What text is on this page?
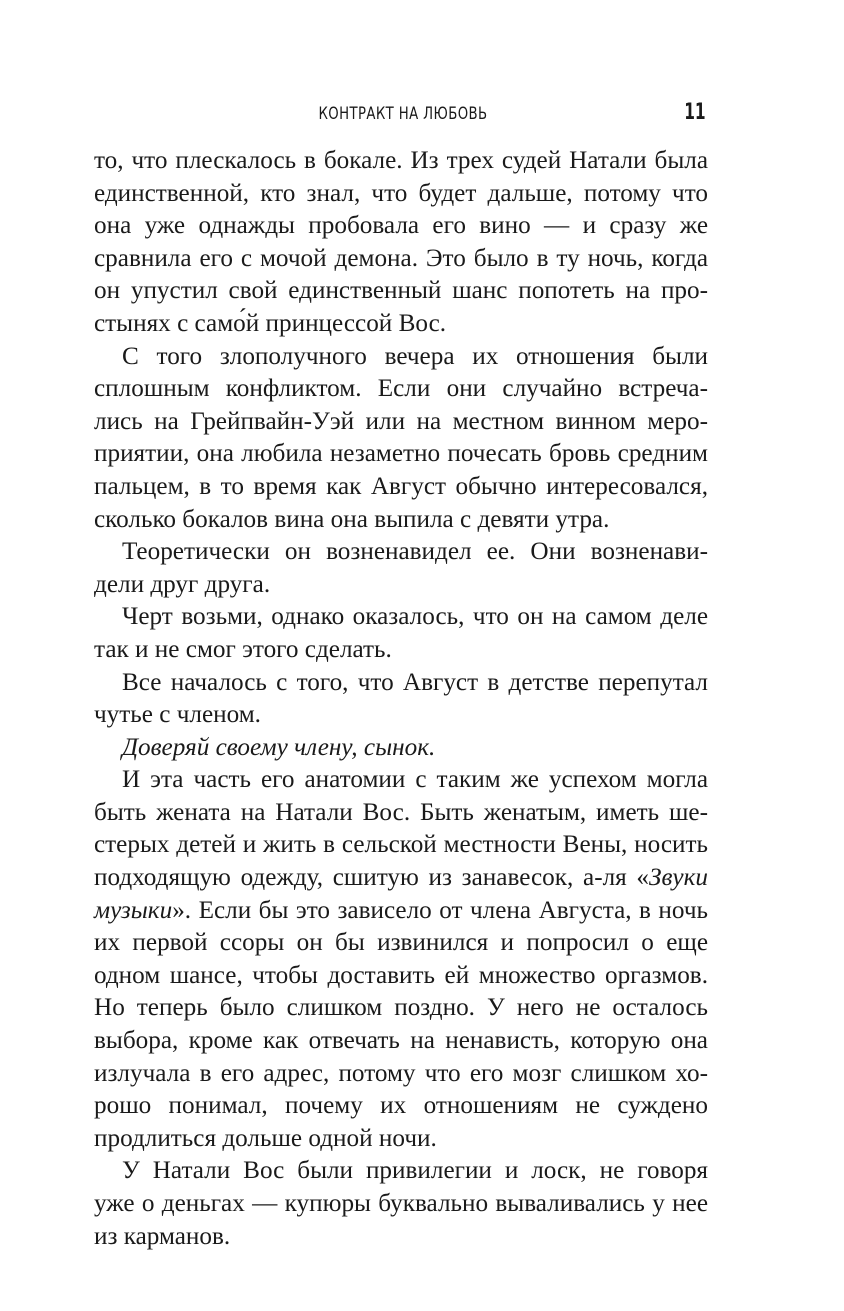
КОНТРАКТ НА ЛЮБОВЬ	11
то, что плескалось в бокале. Из трех судей Натали была
единственной, кто знал, что будет дальше, потому что
она уже однажды пробовала его вино — и сразу же
сравнила его с мочой демона. Это было в ту ночь, когда
он упустил свой единственный шанс попотеть на про-
стынях с само́й принцессой Вос.
С того злополучного вечера их отношения были
сплошным конфликтом. Если они случайно встреча-
лись на Грейпвайн-Уэй или на местном винном меро-
приятии, она любила незаметно почесать бровь средним
пальцем, в то время как Август обычно интересовался,
сколько бокалов вина она выпила с девяти утра.
Теоретически он возненавидел ее. Они возненави-
дели друг друга.
Черт возьми, однако оказалось, что он на самом деле
так и не смог этого сделать.
Все началось с того, что Август в детстве перепутал
чутье с членом.
Доверяй своему члену, сынок.
И эта часть его анатомии с таким же успехом могла
быть жената на Натали Вос. Быть женатым, иметь ше-
стерых детей и жить в сельской местности Вены, носить
подходящую одежду, сшитую из занавесок, а-ля «Звуки
музыки». Если бы это зависело от члена Августа, в ночь
их первой ссоры он бы извинился и попросил о еще
одном шансе, чтобы доставить ей множество оргазмов.
Но теперь было слишком поздно. У него не осталось
выбора, кроме как отвечать на ненависть, которую она
излучала в его адрес, потому что его мозг слишком хо-
рошо понимал, почему их отношениям не суждено
продлиться дольше одной ночи.
У Натали Вос были привилегии и лоск, не говоря
уже о деньгах — купюры буквально вываливались у нее
из карманов.
